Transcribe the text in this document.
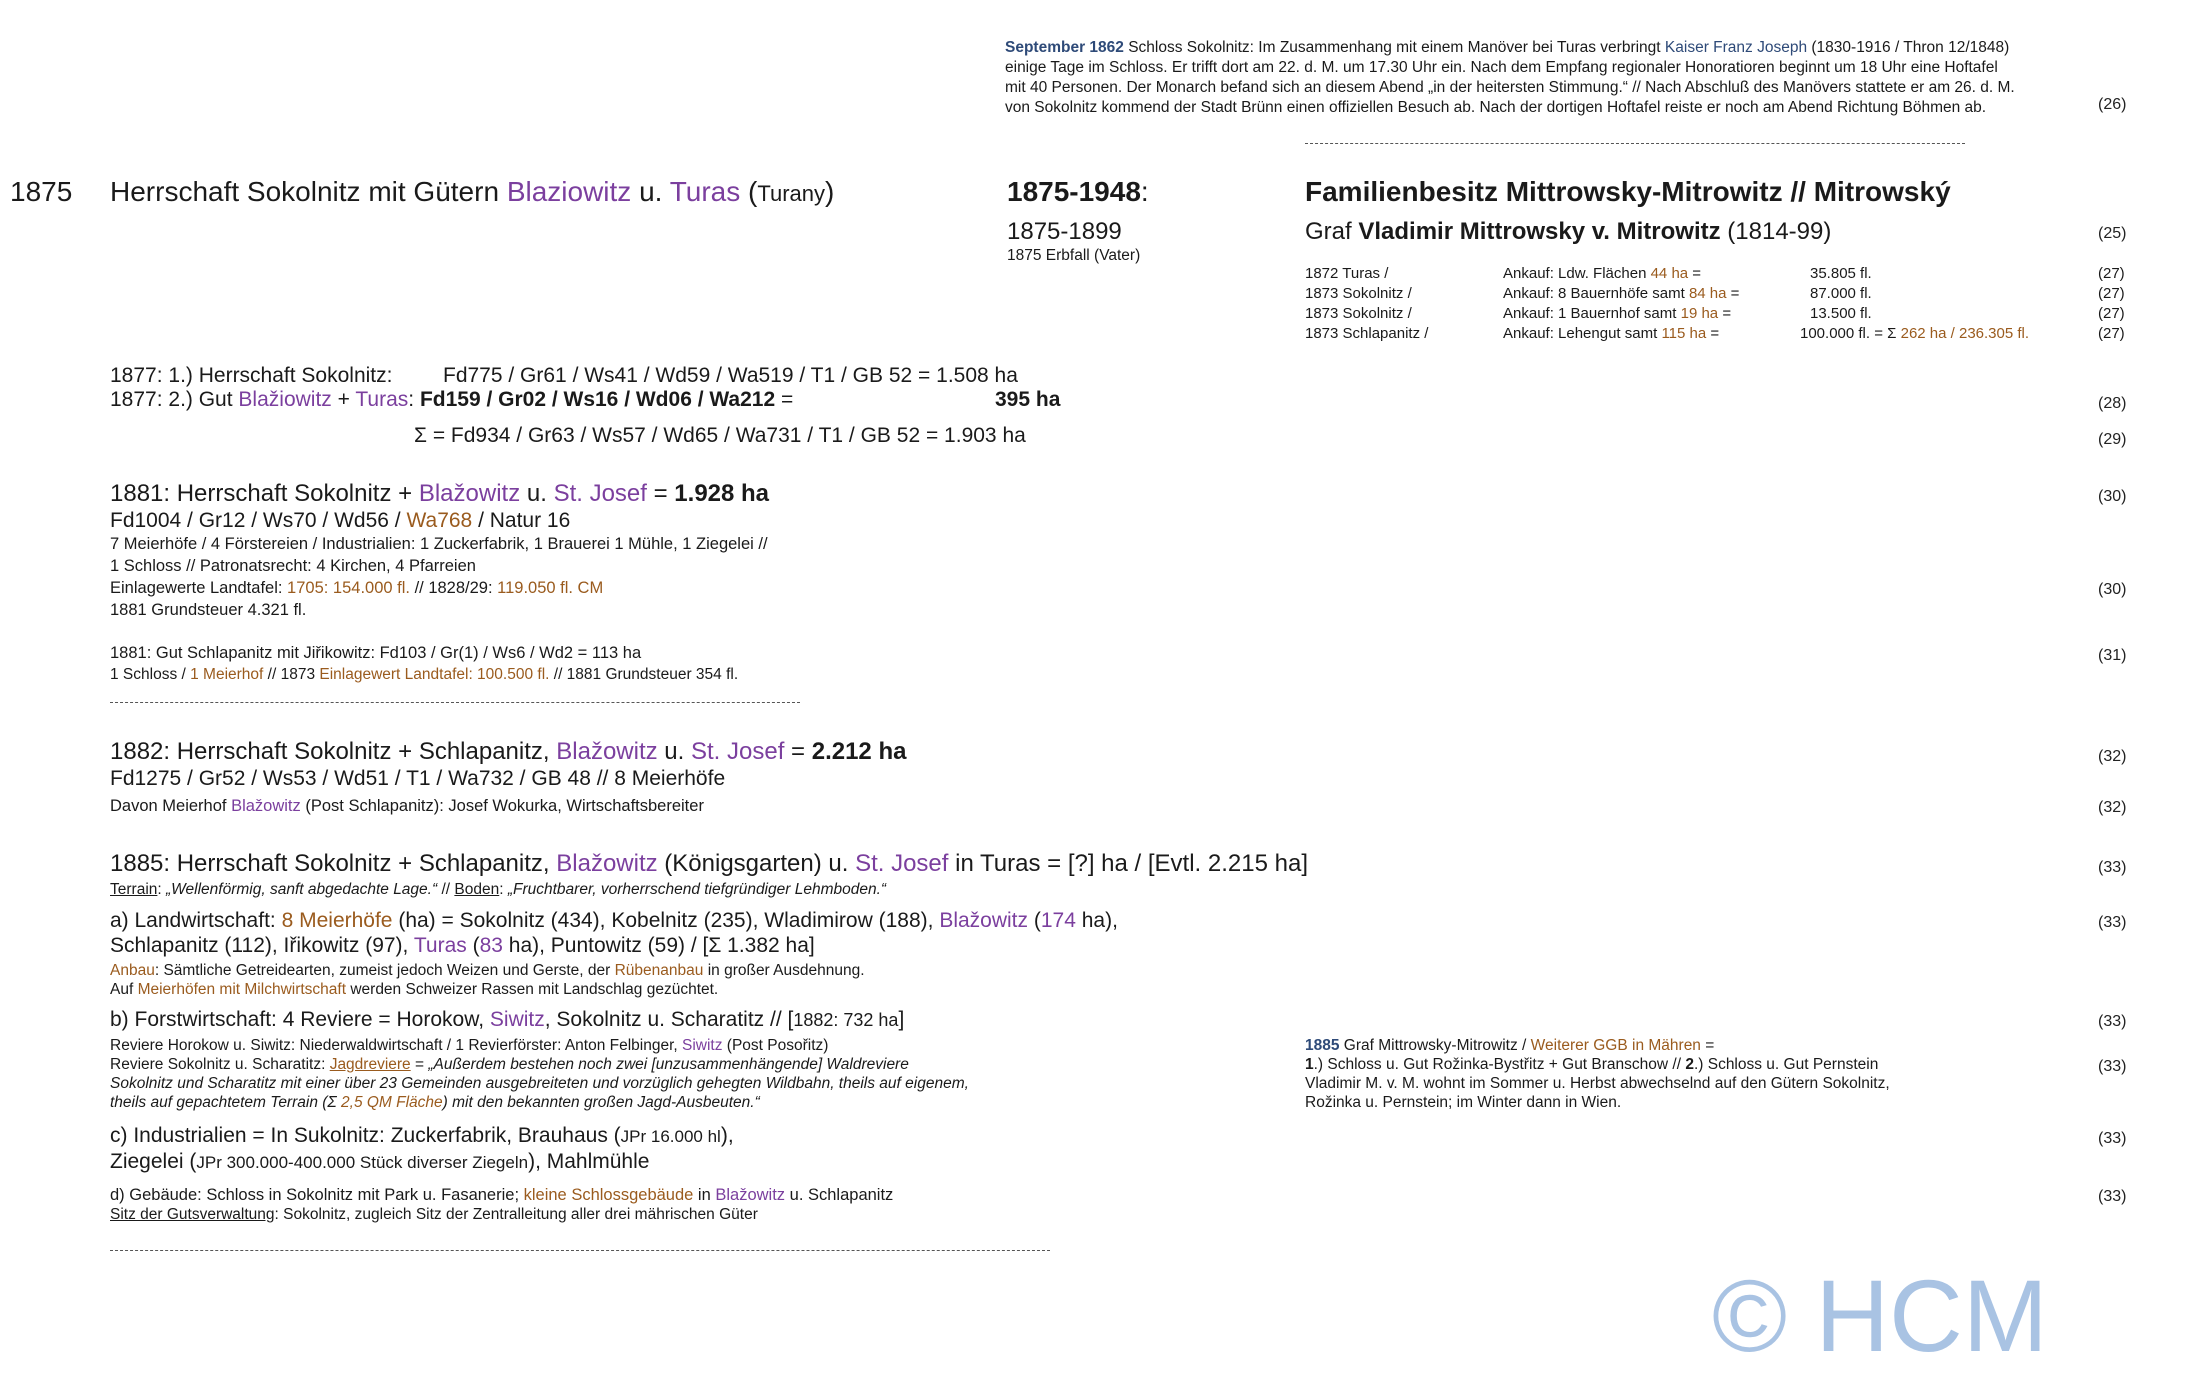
September 1862 Schloss Sokolnitz: Im Zusammenhang mit einem Manöver bei Turas verbringt Kaiser Franz Joseph (1830-1916 / Thron 12/1848)
einige Tage im Schloss. Er trifft dort am 22. d. M. um 17.30 Uhr ein. Nach dem Empfang regionaler Honoratioren beginnt um 18 Uhr eine Hoftafel
mit 40 Personen. Der Monarch befand sich an diesem Abend „in der heitersten Stimmung.“ // Nach Abschluß des Manövers stattete er am 26. d. M.
von Sokolnitz kommend der Stadt Brünn einen offiziellen Besuch ab. Nach der dortigen Hoftafel reiste er noch am Abend Richtung Böhmen ab.	(26)
1875 Herrschaft Sokolnitz mit Gütern Blaziowitz u. Turas (Turany)	1875-1948:
1875-1899
1875 Erbfall (Vater)
Familienbesitz Mittrowsky-Mitrowitz // Mitrowský
Graf Vladimir Mittrowsky v. Mitrowitz (1814-99)	(25)
1872 Turas /	Ankauf: Ldw. Flächen 44 ha =	35.805 fl.	(27)
1873 Sokolnitz /	Ankauf: 8 Bauernhöfe samt 84 ha =	87.000 fl.	(27)
1873 Sokolnitz /	Ankauf: 1 Bauernhof samt 19 ha =	13.500 fl.	(27)
1873 Schlapanitz /	Ankauf: Lehengut samt 115 ha =	100.000 fl. = Σ 262 ha / 236.305 fl.	(27)
1877: 1.) Herrschaft Sokolnitz: Fd775 / Gr61 / Ws41 / Wd59 / Wa519 / T1 / GB 52 = 1.508 ha
1877: 2.) Gut Blažiowitz + Turas: Fd159 / Gr02 / Ws16 / Wd06 / Wa212 =	395 ha	(28)
Σ = Fd934 / Gr63 / Ws57 / Wd65 / Wa731 / T1 / GB 52 = 1.903 ha	(29)
1881: Herrschaft Sokolnitz + Blažowitz u. St. Josef = 1.928 ha	(30)
Fd1004 / Gr12 / Ws70 / Wd56 / Wa768 / Natur 16
7 Meierhöfe / 4 Förstereien / Industrialien: 1 Zuckerfabrik, 1 Brauerei 1 Mühle, 1 Ziegelei //
1 Schloss // Patronatsrecht: 4 Kirchen, 4 Pfarreien
Einlagewerte Landtafel: 1705: 154.000 fl. // 1828/29: 119.050 fl. CM	(30)
1881 Grundsteuer 4.321 fl.
1881: Gut Schlapanitz mit Jiřikowitz: Fd103 / Gr(1) / Ws6 / Wd2 = 113 ha	(31)
1 Schloss / 1 Meierhof // 1873 Einlagewert Landtafel: 100.500 fl. // 1881 Grundsteuer 354 fl.
1882: Herrschaft Sokolnitz + Schlapanitz, Blažowitz u. St. Josef = 2.212 ha	(32)
Fd1275 / Gr52 / Ws53 / Wd51 / T1 / Wa732 / GB 48 // 8 Meierhöfe
Davon Meierhof Blažowitz (Post Schlapanitz): Josef Wokurka, Wirtschaftsbereiter	(32)
1885: Herrschaft Sokolnitz + Schlapanitz, Blažowitz (Königsgarten) u. St. Josef in Turas = [?] ha / [Evtl. 2.215 ha]	(33)
Terrain: „Wellenförmig, sanft abgedachte Lage.“ // Boden: „Fruchtbarer, vorherrschend tiefgründiger Lehmboden.“
a) Landwirtschaft: 8 Meierhöfe (ha) = Sokolnitz (434), Kobelnitz (235), Wladimirow (188), Blažowitz (174 ha),	(33)
Schlapanitz (112), Iřikowitz (97), Turas (83 ha), Puntowitz (59) / [Σ 1.382 ha]
Anbau: Sämtliche Getreidearten, zumeist jedoch Weizen und Gerste, der Rübenanbau in großer Ausdehnung.
Auf Meierhöfen mit Milchwirtschaft werden Schweizer Rassen mit Landschlag gezüchtet.
b) Forstwirtschaft: 4 Reviere = Horokow, Siwitz, Sokolnitz u. Scharatitz // [1882: 732 ha]	(33)
Reviere Horokow u. Siwitz: Niederwaldwirtschaft / 1 Revierförster: Anton Felbinger, Siwitz (Post Posořitz)
Reviere Sokolnitz u. Scharatitz: Jagdreviere = „Außerdem bestehen noch zwei [unzusammenhängende] Waldreviere
Sokolnitz und Scharatitz mit einer über 23 Gemeinden ausgebreiteten und vorzüglich gehegten Wildbahn, theils auf eigenem,
theils auf gepachtetem Terrain (Σ 2,5 QM Fläche) mit den bekannten großen Jagd-Ausbeuten.“
c) Industrialien = In Sukolnitz: Zuckerfabrik, Brauhaus (JPr 16.000 hl),	(33)
Ziegelei (JPr 300.000-400.000 Stück diverser Ziegeln), Mahlmühle
d) Gebäude: Schloss in Sokolnitz mit Park u. Fasanerie; kleine Schlossgebäude in Blažowitz u. Schlapanitz	(33)
Sitz der Gutsverwaltung: Sokolnitz, zugleich Sitz der Zentralleitung aller drei mährischen Güter
1885 Graf Mittrowsky-Mitrowitz / Weiterer GGB in Mähren =
1.) Schloss u. Gut Rožinka-Bystřitz + Gut Branschow // 2.) Schloss u. Gut Pernstein	(33)
Vladimir M. v. M. wohnt im Sommer u. Herbst abwechselnd auf den Gütern Sokolnitz,
Rožinka u. Pernstein; im Winter dann in Wien.
© HCM
